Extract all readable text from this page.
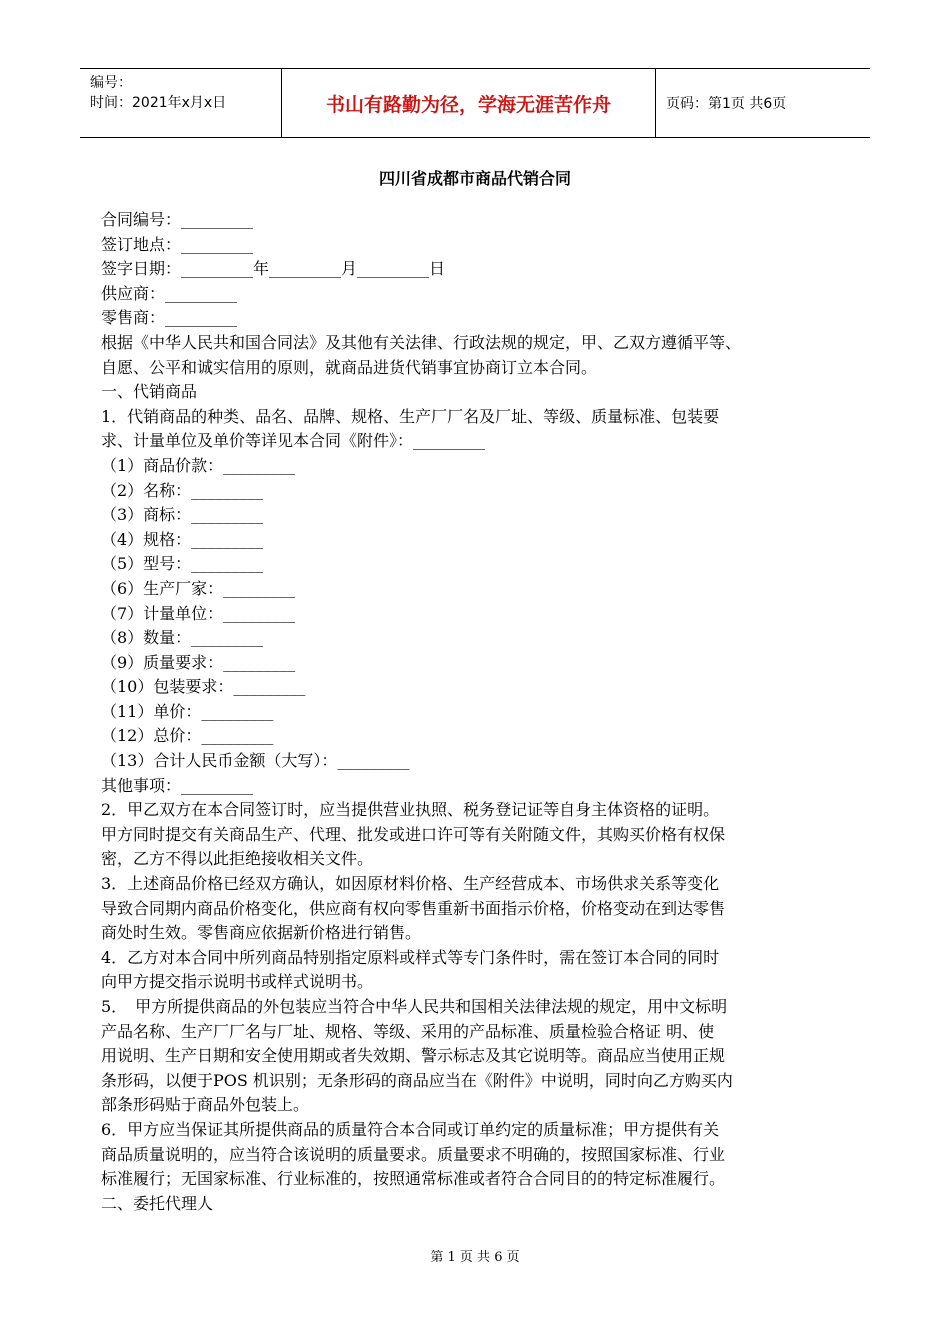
编号：
时间：2021年x月x日	书山有路勤为径，学海无涯苦作舟	页码：第1页 共6页
四川省成都市商品代销合同
合同编号：_________
签订地点：_________
签字日期：_________年_________月_________日
供应商：_________
零售商：_________
根据《中华人民共和国合同法》及其他有关法律、行政法规的规定，甲、乙双方遵循平等、
自愿、公平和诚实信用的原则，就商品进货代销事宜协商订立本合同。
一、代销商品
1．代销商品的种类、品名、品牌、规格、生产厂厂名及厂址、等级、质量标准、包装要
求、计量单位及单价等详见本合同《附件》：_________
（1）商品价款：_________
（2）名称：_________
（3）商标：_________
（4）规格：_________
（5）型号：_________
（6）生产厂家：_________
（7）计量单位：_________
（8）数量：_________
（9）质量要求：_________
（10）包装要求：_________
（11）单价：_________
（12）总价：_________
（13）合计人民币金额（大写）：_________
其他事项：_________
2．甲乙双方在本合同签订时，应当提供营业执照、税务登记证等自身主体资格的证明。
甲方同时提交有关商品生产、代理、批发或进口许可等有关附随文件，其购买价格有权保
密，乙方不得以此拒绝接收相关文件。
3．上述商品价格已经双方确认，如因原材料价格、生产经营成本、市场供求关系等变化
导致合同期内商品价格变化，供应商有权向零售重新书面指示价格，价格变动在到达零售
商处时生效。零售商应依据新价格进行销售。
4．乙方对本合同中所列商品特别指定原料或样式等专门条件时，需在签订本合同的同时
向甲方提交指示说明书或样式说明书。
5．　甲方所提供商品的外包装应当符合中华人民共和国相关法律法规的规定，用中文标明
产品名称、生产厂厂名与厂址、规格、等级、采用的产品标准、质量检验合格证 明、使
用说明、生产日期和安全使用期或者失效期、警示标志及其它说明等。商品应当使用正规
条形码，以便于POS 机识别；无条形码的商品应当在《附件》中说明，同时向乙方购买内
部条形码贴于商品外包装上。
6．甲方应当保证其所提供商品的质量符合本合同或订单约定的质量标准；甲方提供有关
商品质量说明的，应当符合该说明的质量要求。质量要求不明确的，按照国家标准、行业
标准履行；无国家标准、行业标准的，按照通常标准或者符合合同目的的特定标准履行。
二、委托代理人
第 1 页 共 6 页
